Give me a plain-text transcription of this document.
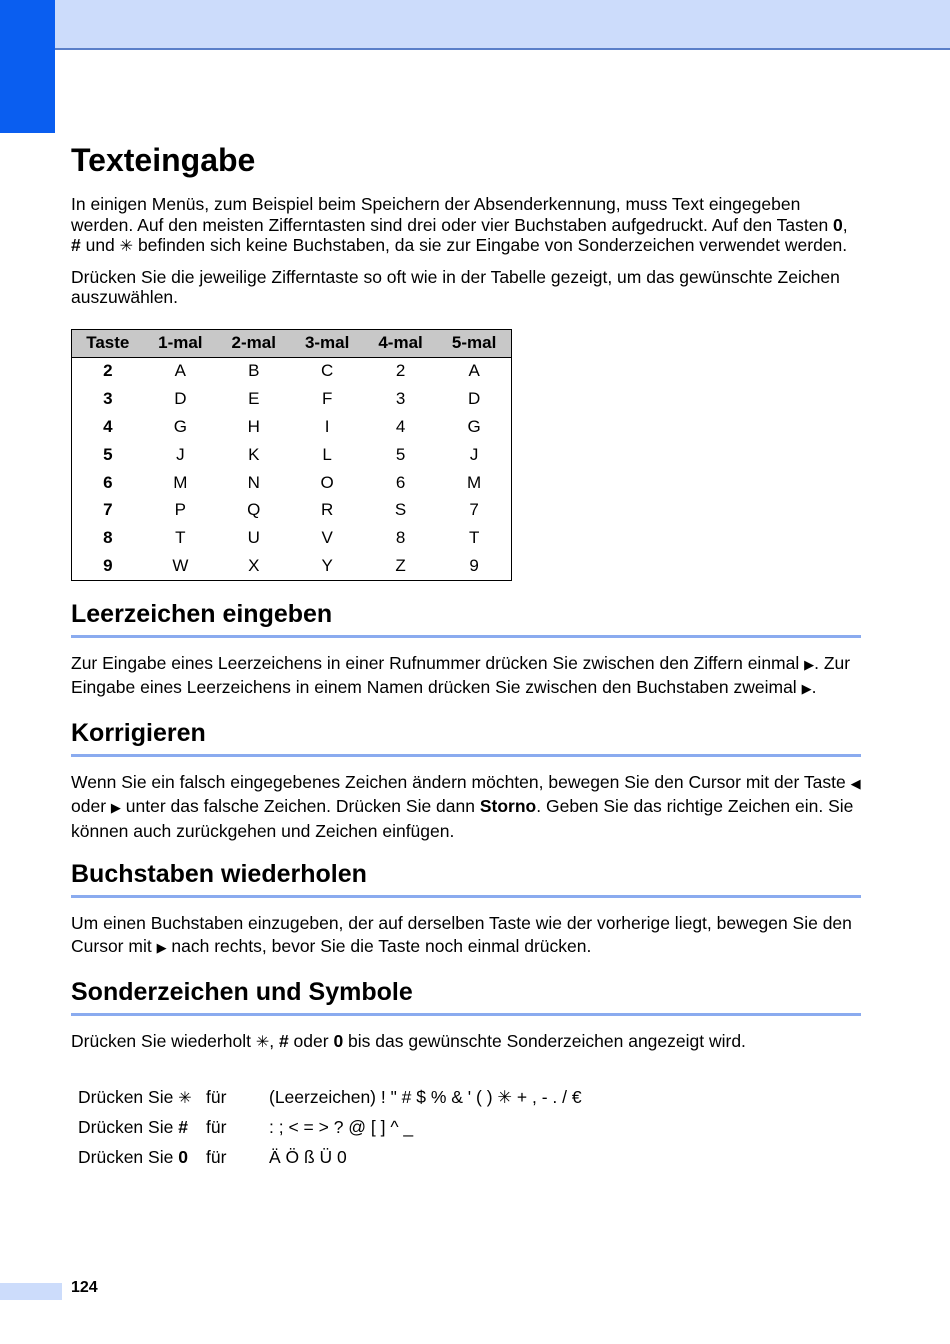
Texteingabe

In einigen Menüs, zum Beispiel beim Speichern der Absenderkennung, muss Text eingegeben werden. Auf den meisten Zifferntasten sind drei oder vier Buchstaben aufgedruckt. Auf den Tasten 0, # und ✳ befinden sich keine Buchstaben, da sie zur Eingabe von Sonderzeichen verwendet werden.

Drücken Sie die jeweilige Zifferntaste so oft wie in der Tabelle gezeigt, um das gewünschte Zeichen auszuwählen.

Taste	1-mal	2-mal	3-mal	4-mal	5-mal
2	A	B	C	2	A
3	D	E	F	3	D
4	G	H	I	4	G
5	J	K	L	5	J
6	M	N	O	6	M
7	P	Q	R	S	7
8	T	U	V	8	T
9	W	X	Y	Z	9
Leerzeichen eingeben

Zur Eingabe eines Leerzeichens in einer Rufnummer drücken Sie zwischen den Ziffern einmal ▶. Zur Eingabe eines Leerzeichens in einem Namen drücken Sie zwischen den Buchstaben zweimal ▶.

Korrigieren

Wenn Sie ein falsch eingegebenes Zeichen ändern möchten, bewegen Sie den Cursor mit der Taste ◀ oder ▶ unter das falsche Zeichen. Drücken Sie dann Storno. Geben Sie das richtige Zeichen ein. Sie können auch zurückgehen und Zeichen einfügen.

Buchstaben wiederholen

Um einen Buchstaben einzugeben, der auf derselben Taste wie der vorherige liegt, bewegen Sie den Cursor mit ▶ nach rechts, bevor Sie die Taste noch einmal drücken.

Sonderzeichen und Symbole

Drücken Sie wiederholt ✳, # oder 0 bis das gewünschte Sonderzeichen angezeigt wird.

Drücken Sie ✳ für	(Leerzeichen) ! " # $ % & ' ( ) ✳ + , - . / €
Drücken Sie #	für	: ; < = > ? @ [ ] ^ _
Drücken Sie 0	für	Ä Ö ß Ü 0
124
